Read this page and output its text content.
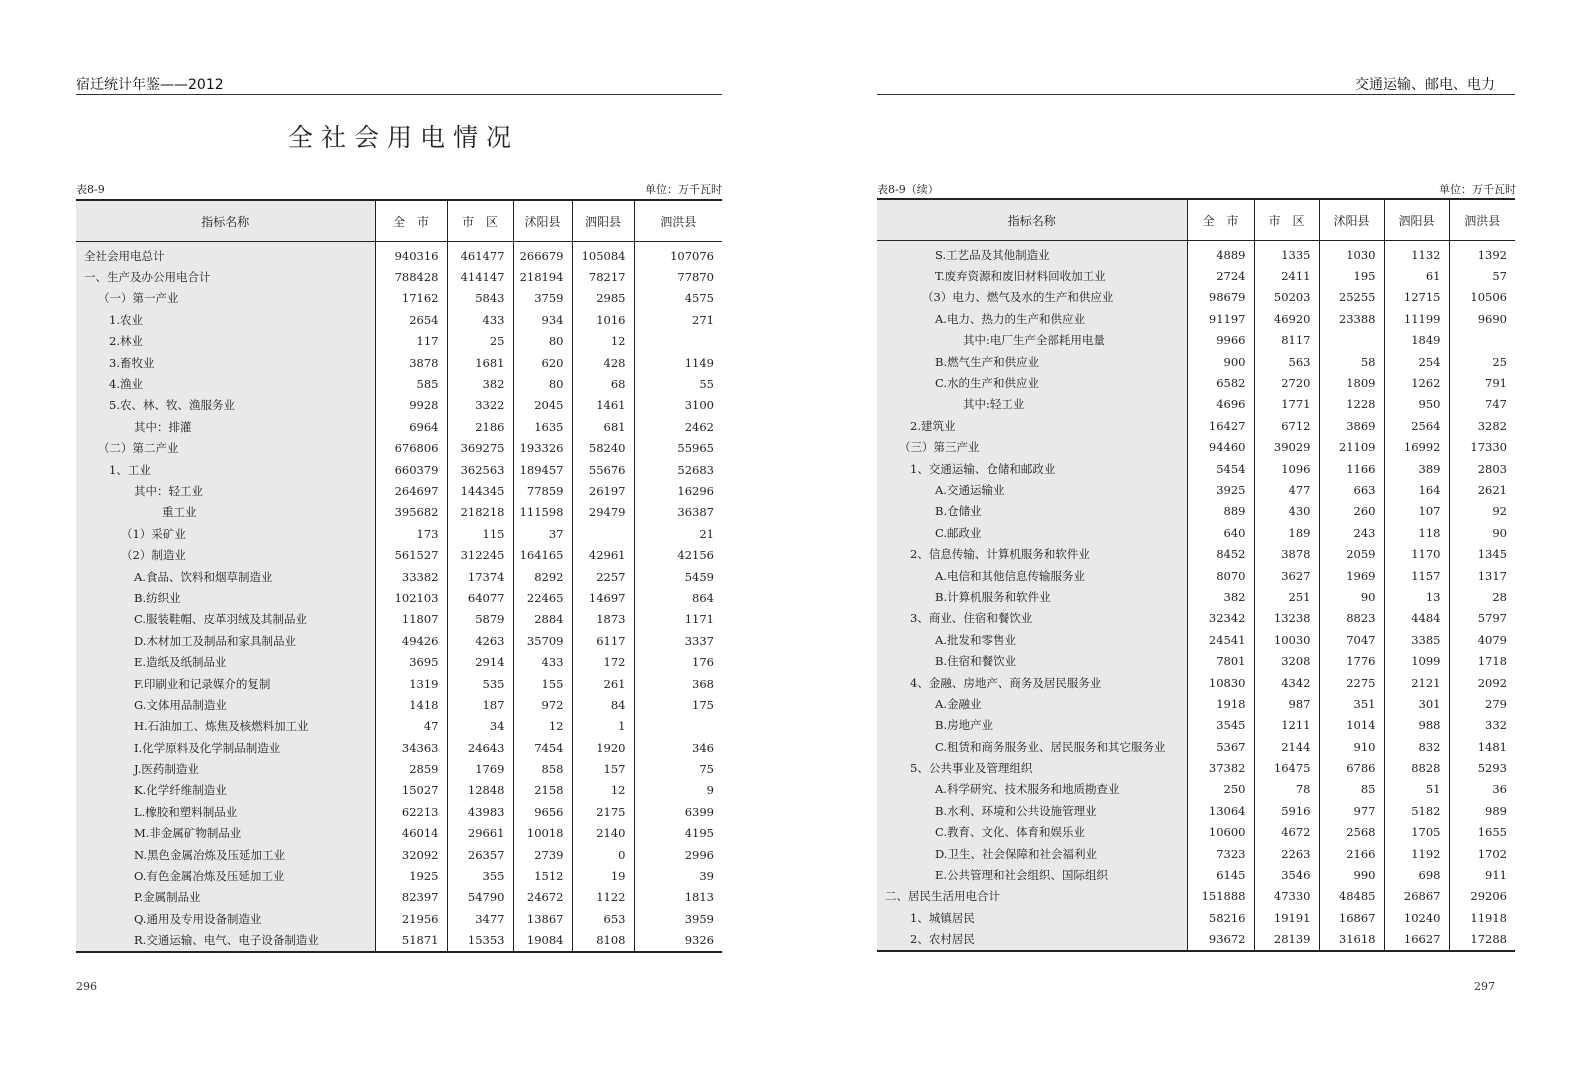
宿迁统计年鉴——2012
全社会用电情况
表8-9	单位：万千瓦时
指标名称	全　市	市　区	沭阳县	泗阳县	泗洪县
全社会用电总计	940316	461477	266679	105084	107076
一、生产及办公用电合计	788428	414147	218194	78217	77870
（一）第一产业	17162	5843	3759	2985	4575
1.农业	2654	433	934	1016	271
2.林业	117	25	80	12	
3.畜牧业	3878	1681	620	428	1149
4.渔业	585	382	80	68	55
5.农、林、牧、渔服务业	9928	3322	2045	1461	3100
其中：排灌	6964	2186	1635	681	2462
（二）第二产业	676806	369275	193326	58240	55965
1、工业	660379	362563	189457	55676	52683
其中：轻工业	264697	144345	77859	26197	16296
重工业	395682	218218	111598	29479	36387
（1）采矿业	173	115	37		21
（2）制造业	561527	312245	164165	42961	42156
A.食品、饮料和烟草制造业	33382	17374	8292	2257	5459
B.纺织业	102103	64077	22465	14697	864
C.服装鞋帽、皮革羽绒及其制品业	11807	5879	2884	1873	1171
D.木材加工及制品和家具制品业	49426	4263	35709	6117	3337
E.造纸及纸制品业	3695	2914	433	172	176
F.印刷业和记录媒介的复制	1319	535	155	261	368
G.文体用品制造业	1418	187	972	84	175
H.石油加工、炼焦及核燃料加工业	47	34	12	1	
I.化学原料及化学制品制造业	34363	24643	7454	1920	346
J.医药制造业	2859	1769	858	157	75
K.化学纤维制造业	15027	12848	2158	12	9
L.橡胶和塑料制品业	62213	43983	9656	2175	6399
M.非金属矿物制品业	46014	29661	10018	2140	4195
N.黑色金属冶炼及压延加工业	32092	26357	2739	0	2996
O.有色金属冶炼及压延加工业	1925	355	1512	19	39
P.金属制品业	82397	54790	24672	1122	1813
Q.通用及专用设备制造业	21956	3477	13867	653	3959
R.交通运输、电气、电子设备制造业	51871	15353	19084	8108	9326
296
交通运输、邮电、电力
表8-9（续）	单位：万千瓦时
指标名称	全　市	市　区	沭阳县	泗阳县	泗洪县
S.工艺品及其他制造业	4889	1335	1030	1132	1392
T.废弃资源和废旧材料回收加工业	2724	2411	195	61	57
（3）电力、燃气及水的生产和供应业	98679	50203	25255	12715	10506
A.电力、热力的生产和供应业	91197	46920	23388	11199	9690
其中:电厂生产全部耗用电量	9966	8117		1849	
B.燃气生产和供应业	900	563	58	254	25
C.水的生产和供应业	6582	2720	1809	1262	791
其中:轻工业	4696	1771	1228	950	747
2.建筑业	16427	6712	3869	2564	3282
（三）第三产业	94460	39029	21109	16992	17330
1、交通运输、仓储和邮政业	5454	1096	1166	389	2803
A.交通运输业	3925	477	663	164	2621
B.仓储业	889	430	260	107	92
C.邮政业	640	189	243	118	90
2、信息传输、计算机服务和软件业	8452	3878	2059	1170	1345
A.电信和其他信息传输服务业	8070	3627	1969	1157	1317
B.计算机服务和软件业	382	251	90	13	28
3、商业、住宿和餐饮业	32342	13238	8823	4484	5797
A.批发和零售业	24541	10030	7047	3385	4079
B.住宿和餐饮业	7801	3208	1776	1099	1718
4、金融、房地产、商务及居民服务业	10830	4342	2275	2121	2092
A.金融业	1918	987	351	301	279
B.房地产业	3545	1211	1014	988	332
C.租赁和商务服务业、居民服务和其它服务业	5367	2144	910	832	1481
5、公共事业及管理组织	37382	16475	6786	8828	5293
A.科学研究、技术服务和地质勘查业	250	78	85	51	36
B.水利、环境和公共设施管理业	13064	5916	977	5182	989
C.教育、文化、体育和娱乐业	10600	4672	2568	1705	1655
D.卫生、社会保障和社会福利业	7323	2263	2166	1192	1702
E.公共管理和社会组织、国际组织	6145	3546	990	698	911
二、居民生活用电合计	151888	47330	48485	26867	29206
1、城镇居民	58216	19191	16867	10240	11918
2、农村居民	93672	28139	31618	16627	17288
297
